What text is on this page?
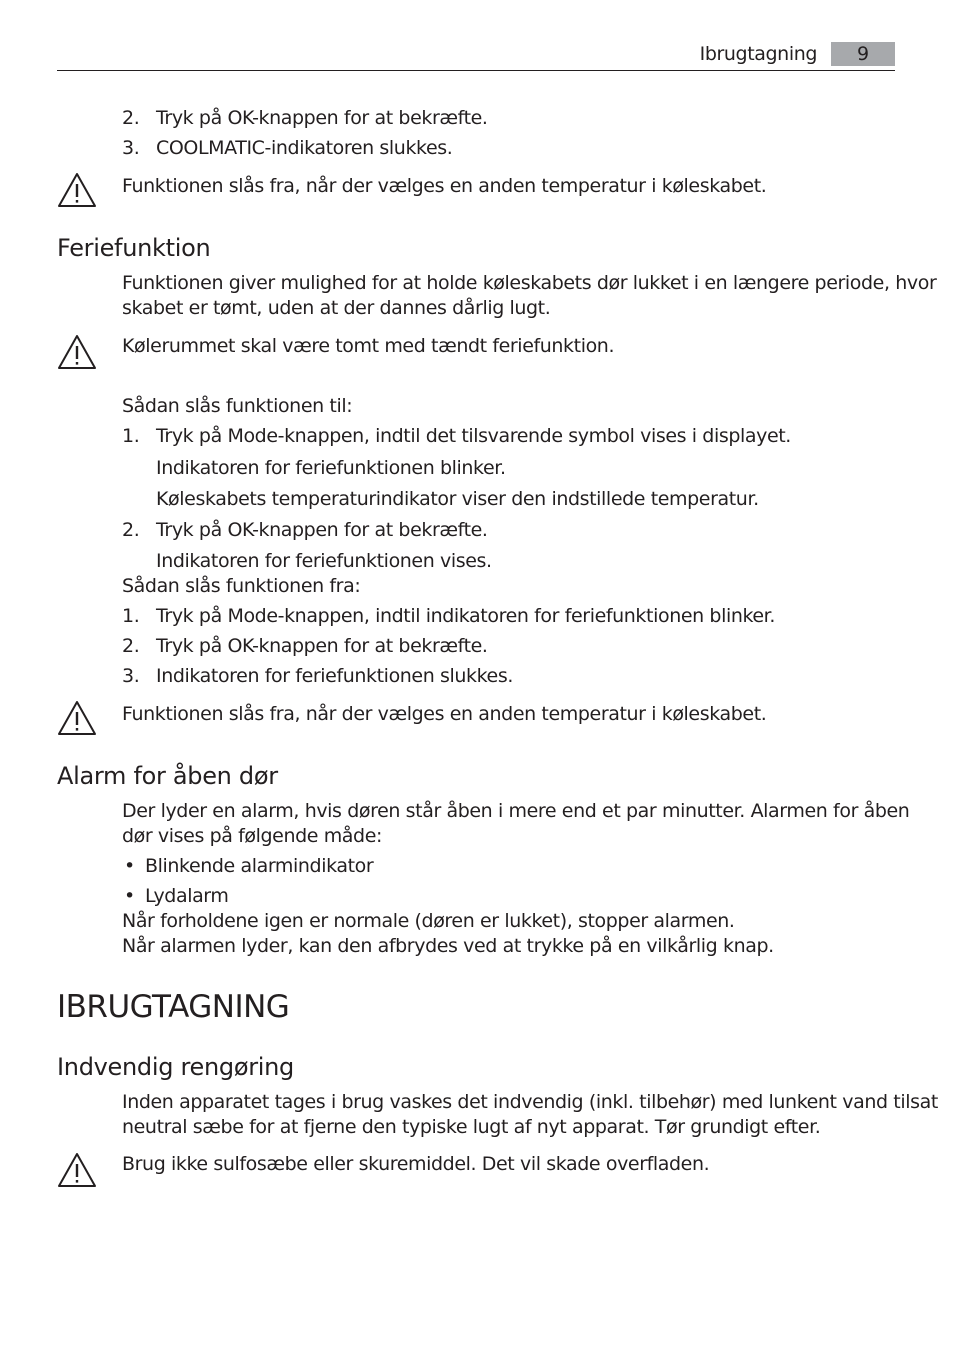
Ibrugtagning	9
2. Tryk på OK-knappen for at bekræfte.
3. COOLMATIC-indikatoren slukkes.
Funktionen slås fra, når der vælges en anden temperatur i køleskabet.
Feriefunktion
Funktionen giver mulighed for at holde køleskabets dør lukket i en længere periode, hvor
skabet er tømt, uden at der dannes dårlig lugt.
Kølerummet skal være tomt med tændt feriefunktion.
Sådan slås funktionen til:
1. Tryk på Mode-knappen, indtil det tilsvarende symbol vises i displayet.
Indikatoren for feriefunktionen blinker.
Køleskabets temperaturindikator viser den indstillede temperatur.
2. Tryk på OK-knappen for at bekræfte.
Indikatoren for feriefunktionen vises.
Sådan slås funktionen fra:
1. Tryk på Mode-knappen, indtil indikatoren for feriefunktionen blinker.
2. Tryk på OK-knappen for at bekræfte.
3. Indikatoren for feriefunktionen slukkes.
Funktionen slås fra, når der vælges en anden temperatur i køleskabet.
Alarm for åben dør
Der lyder en alarm, hvis døren står åben i mere end et par minutter. Alarmen for åben
dør vises på følgende måde:
• Blinkende alarmindikator
• Lydalarm
Når forholdene igen er normale (døren er lukket), stopper alarmen.
Når alarmen lyder, kan den afbrydes ved at trykke på en vilkårlig knap.
IBRUGTAGNING
Indvendig rengøring
Inden apparatet tages i brug vaskes det indvendig (inkl. tilbehør) med lunkent vand tilsat
neutral sæbe for at fjerne den typiske lugt af nyt apparat. Tør grundigt efter.
Brug ikke sulfosæbe eller skuremiddel. Det vil skade overfladen.
